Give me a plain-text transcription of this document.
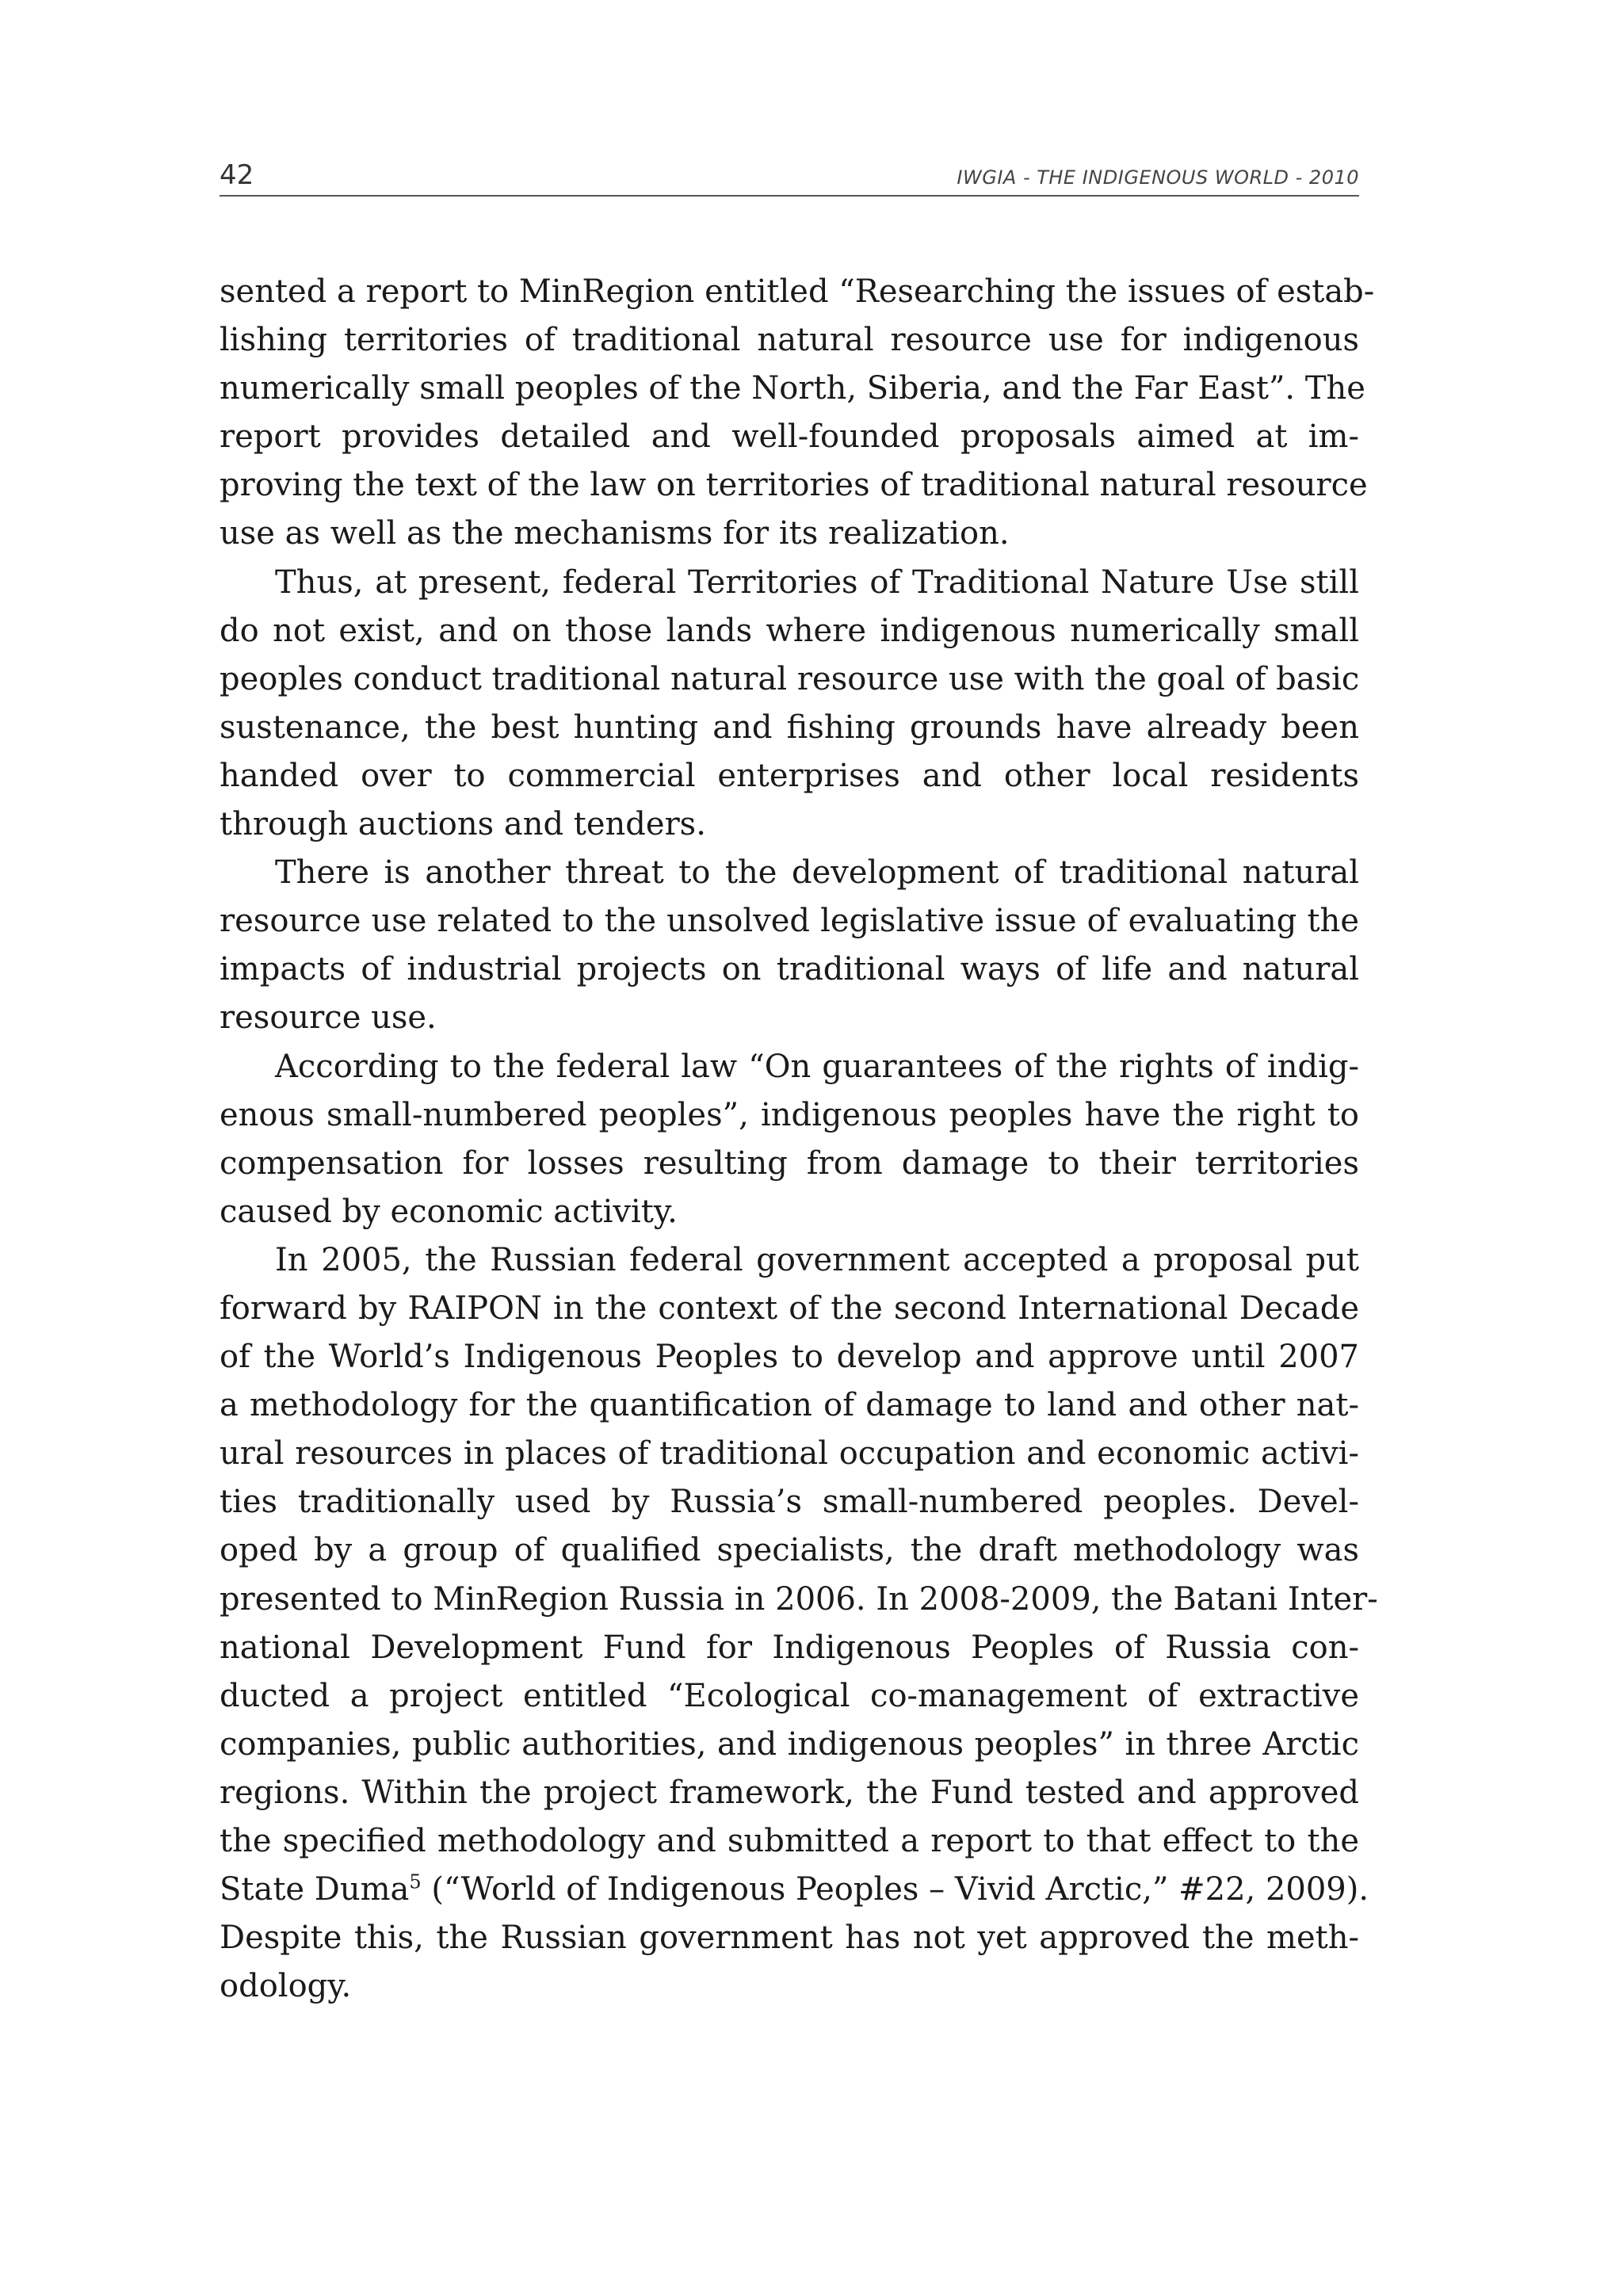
42	IWGIA - THE INDIGENOUS WORLD - 2010

sented a report to MinRegion entitled “Researching the issues of estab-
lishing territories of traditional natural resource use for indigenous
numerically small peoples of the North, Siberia, and the Far East”. The
report provides detailed and well-founded proposals aimed at im-
proving the text of the law on territories of traditional natural resource
use as well as the mechanisms for its realization.

Thus, at present, federal Territories of Traditional Nature Use still
do not exist, and on those lands where indigenous numerically small
peoples conduct traditional natural resource use with the goal of basic
sustenance, the best hunting and fishing grounds have already been
handed over to commercial enterprises and other local residents
through auctions and tenders.

There is another threat to the development of traditional natural
resource use related to the unsolved legislative issue of evaluating the
impacts of industrial projects on traditional ways of life and natural
resource use.

According to the federal law “On guarantees of the rights of indig-
enous small-numbered peoples”, indigenous peoples have the right to
compensation for losses resulting from damage to their territories
caused by economic activity.

In 2005, the Russian federal government accepted a proposal put
forward by RAIPON in the context of the second International Decade
of the World’s Indigenous Peoples to develop and approve until 2007
a methodology for the quantification of damage to land and other nat-
ural resources in places of traditional occupation and economic activi-
ties traditionally used by Russia’s small-numbered peoples. Devel-
oped by a group of qualified specialists, the draft methodology was
presented to MinRegion Russia in 2006. In 2008-2009, the Batani Inter-
national Development Fund for Indigenous Peoples of Russia con-
ducted a project entitled “Ecological co-management of extractive
companies, public authorities, and indigenous peoples” in three Arctic
regions. Within the project framework, the Fund tested and approved
the specified methodology and submitted a report to that effect to the
State Duma$^5$ (“World of Indigenous Peoples – Vivid Arctic,” #22, 2009).
Despite this, the Russian government has not yet approved the meth-
odology.
